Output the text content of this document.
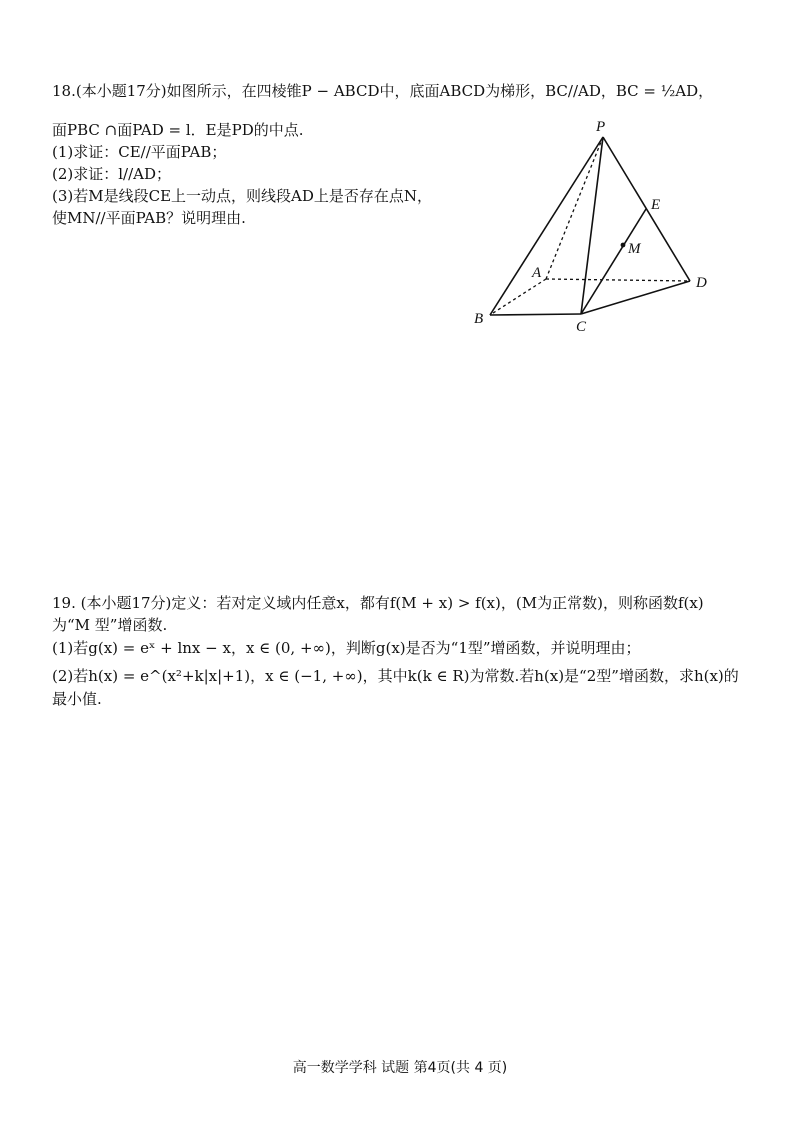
18.(本小题17分)如图所示，在四棱锥P − ABCD中，底面ABCD为梯形，BC//AD，BC = ½AD，
面PBC ∩面PAD = l．E是PD的中点.
(1)求证：CE//平面PAB；
(2)求证：l//AD；
(3)若M是线段CE上一动点，则线段AD上是否存在点N，
使MN//平面PAB？说明理由.
P
A
B	C
D
E
M
19. (本小题17分)定义：若对定义域内任意x，都有f(M + x) > f(x)，(M为正常数)，则称函数f(x)
为“M 型”增函数.
(1)若g(x) = eˣ + lnx − x，x ∈ (0, +∞)，判断g(x)是否为“1型”增函数，并说明理由；
(2)若h(x) = e^(x²+k|x|+1)，x ∈ (−1, +∞)，其中k(k ∈ R)为常数.若h(x)是“2型”增函数，求h(x)的
最小值.
高一数学学科 试题 第4页(共 4 页)
